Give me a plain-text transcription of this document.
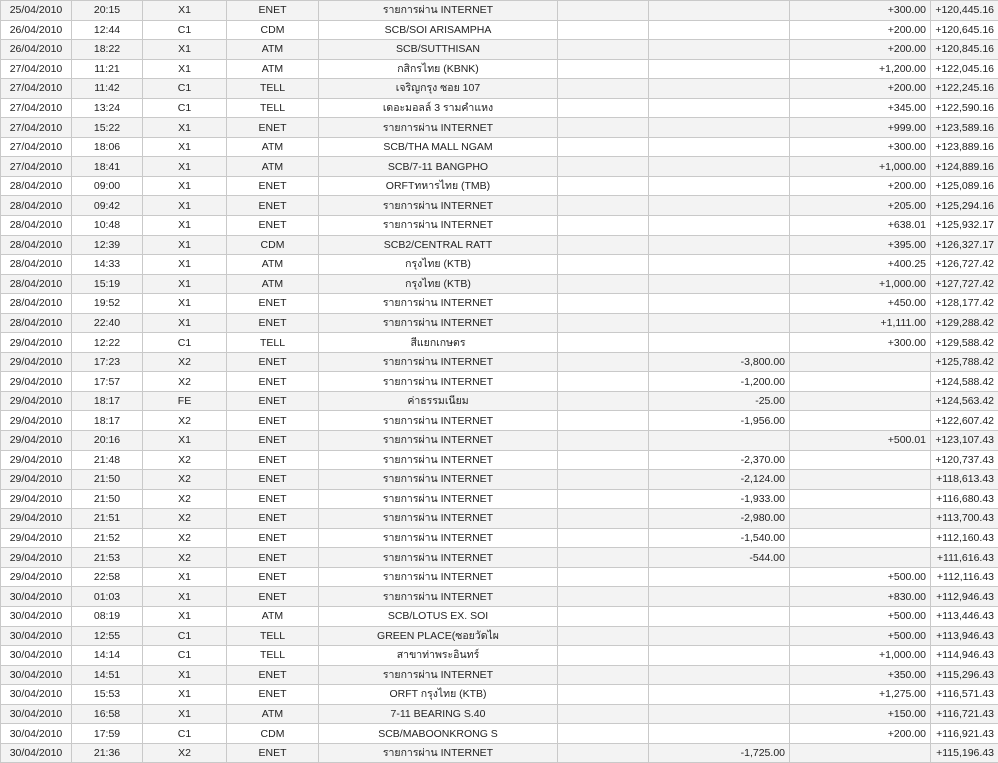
25/04/2010	20:15	X1	ENET	รายการผ่าน INTERNET			+300.00	+120,445.16
26/04/2010	12:44	C1	CDM	SCB/SOI ARISAMPHA			+200.00	+120,645.16
26/04/2010	18:22	X1	ATM	SCB/SUTTHISAN			+200.00	+120,845.16
27/04/2010	11:21	X1	ATM	กสิกรไทย (KBNK)			+1,200.00	+122,045.16
27/04/2010	11:42	C1	TELL	เจริญกรุง ซอย 107			+200.00	+122,245.16
27/04/2010	13:24	C1	TELL	เดอะมอลล์ 3 รามคำแหง			+345.00	+122,590.16
27/04/2010	15:22	X1	ENET	รายการผ่าน INTERNET			+999.00	+123,589.16
27/04/2010	18:06	X1	ATM	SCB/THA MALL NGAM			+300.00	+123,889.16
27/04/2010	18:41	X1	ATM	SCB/7-11 BANGPHO			+1,000.00	+124,889.16
28/04/2010	09:00	X1	ENET	ORFTทหารไทย (TMB)			+200.00	+125,089.16
28/04/2010	09:42	X1	ENET	รายการผ่าน INTERNET			+205.00	+125,294.16
28/04/2010	10:48	X1	ENET	รายการผ่าน INTERNET			+638.01	+125,932.17
28/04/2010	12:39	X1	CDM	SCB2/CENTRAL RATT			+395.00	+126,327.17
28/04/2010	14:33	X1	ATM	กรุงไทย (KTB)			+400.25	+126,727.42
28/04/2010	15:19	X1	ATM	กรุงไทย (KTB)			+1,000.00	+127,727.42
28/04/2010	19:52	X1	ENET	รายการผ่าน INTERNET			+450.00	+128,177.42
28/04/2010	22:40	X1	ENET	รายการผ่าน INTERNET			+1,111.00	+129,288.42
29/04/2010	12:22	C1	TELL	สีแยกเกษตร			+300.00	+129,588.42
29/04/2010	17:23	X2	ENET	รายการผ่าน INTERNET		-3,800.00		+125,788.42
29/04/2010	17:57	X2	ENET	รายการผ่าน INTERNET		-1,200.00		+124,588.42
29/04/2010	18:17	FE	ENET	ค่าธรรมเนียม		-25.00		+124,563.42
29/04/2010	18:17	X2	ENET	รายการผ่าน INTERNET		-1,956.00		+122,607.42
29/04/2010	20:16	X1	ENET	รายการผ่าน INTERNET			+500.01	+123,107.43
29/04/2010	21:48	X2	ENET	รายการผ่าน INTERNET		-2,370.00		+120,737.43
29/04/2010	21:50	X2	ENET	รายการผ่าน INTERNET		-2,124.00		+118,613.43
29/04/2010	21:50	X2	ENET	รายการผ่าน INTERNET		-1,933.00		+116,680.43
29/04/2010	21:51	X2	ENET	รายการผ่าน INTERNET		-2,980.00		+113,700.43
29/04/2010	21:52	X2	ENET	รายการผ่าน INTERNET		-1,540.00		+112,160.43
29/04/2010	21:53	X2	ENET	รายการผ่าน INTERNET		-544.00		+111,616.43
29/04/2010	22:58	X1	ENET	รายการผ่าน INTERNET			+500.00	+112,116.43
30/04/2010	01:03	X1	ENET	รายการผ่าน INTERNET			+830.00	+112,946.43
30/04/2010	08:19	X1	ATM	SCB/LOTUS EX. SOI			+500.00	+113,446.43
30/04/2010	12:55	C1	TELL	GREEN PLACE(ซอยวัดไผ			+500.00	+113,946.43
30/04/2010	14:14	C1	TELL	สาขาท่าพระอินทร์			+1,000.00	+114,946.43
30/04/2010	14:51	X1	ENET	รายการผ่าน INTERNET			+350.00	+115,296.43
30/04/2010	15:53	X1	ENET	ORFT กรุงไทย (KTB)			+1,275.00	+116,571.43
30/04/2010	16:58	X1	ATM	7-11 BEARING S.40			+150.00	+116,721.43
30/04/2010	17:59	C1	CDM	SCB/MABOONKRONG S			+200.00	+116,921.43
30/04/2010	21:36	X2	ENET	รายการผ่าน INTERNET		-1,725.00		+115,196.43
